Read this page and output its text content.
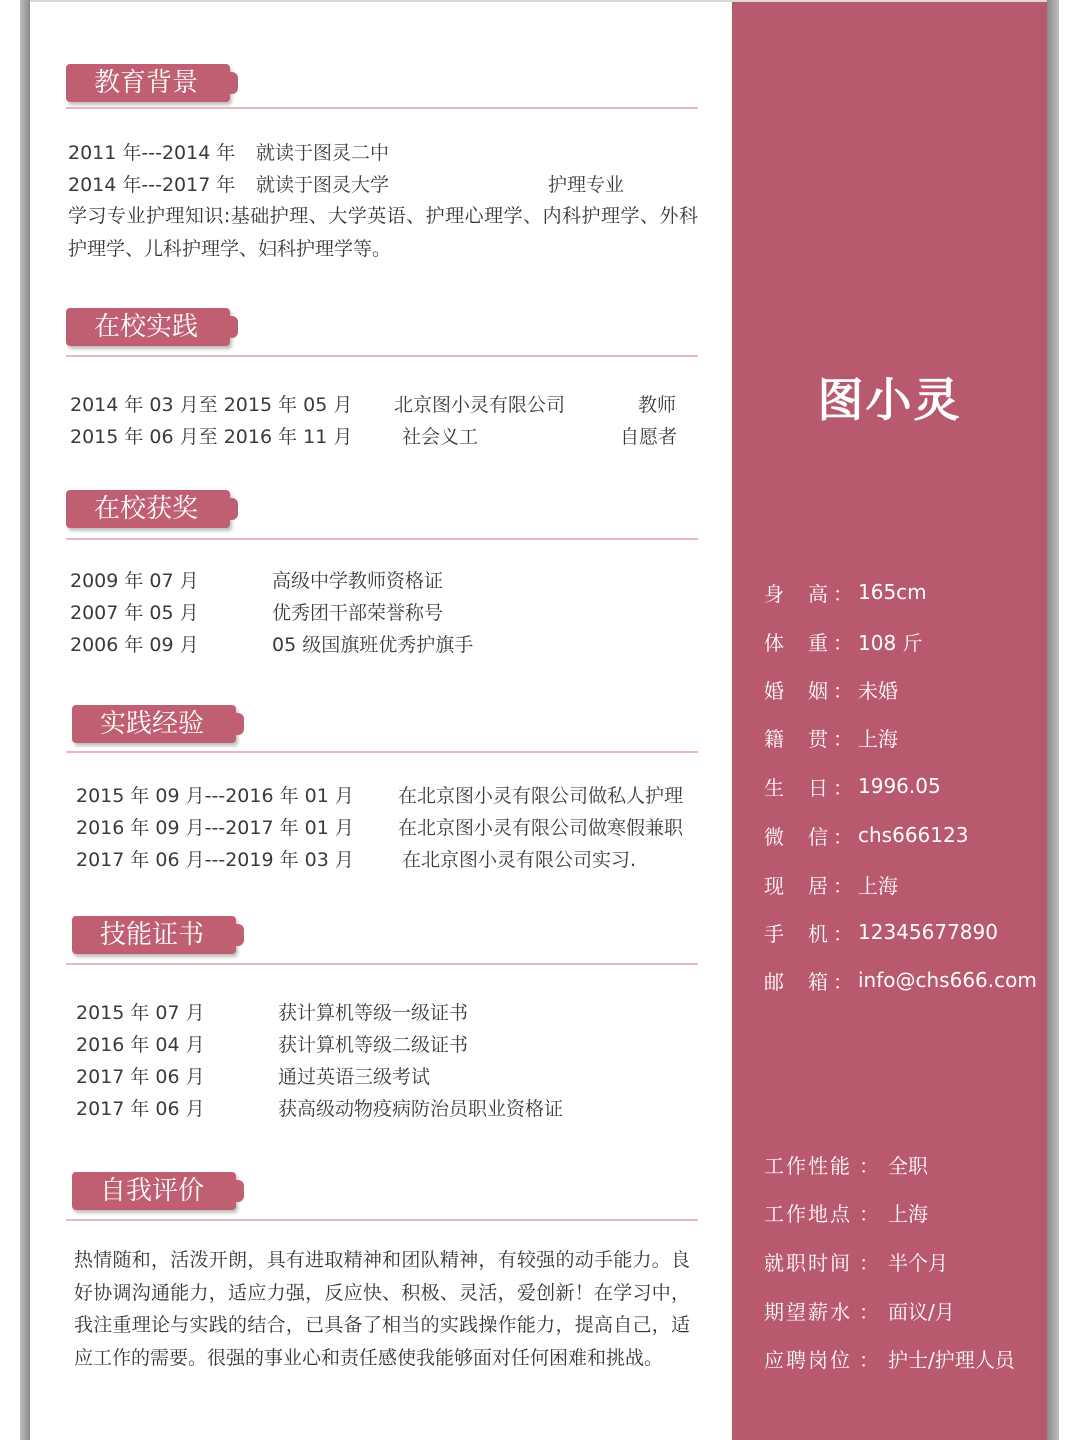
教育背景
2011 年---2014 年 就读于图灵二中
2014 年---2017 年 就读于图灵大学	护理专业
学习专业护理知识:基础护理、大学英语、护理心理学、内科护理学、外科护理学、儿科护理学、妇科护理学等。
在校实践
2014 年 03 月至 2015 年 05 月 北京图小灵有限公司	教师
2015 年 06 月至 2016 年 11 月	社会义工	自愿者
在校获奖
2009 年 07 月	高级中学教师资格证
2007 年 05 月	优秀团干部荣誉称号
2006 年 09 月	05 级国旗班优秀护旗手
实践经验
2015 年 09 月---2016 年 01 月 在北京图小灵有限公司做私人护理
2016 年 09 月---2017 年 01 月 在北京图小灵有限公司做寒假兼职
2017 年 06 月---2019 年 03 月	在北京图小灵有限公司实习.
技能证书
2015 年 07 月	获计算机等级一级证书
2016 年 04 月	获计算机等级二级证书
2017 年 06 月	通过英语三级考试
2017 年 06 月	获高级动物疫病防治员职业资格证
自我评价
热情随和，活泼开朗，具有进取精神和团队精神，有较强的动手能力。良好协调沟通能力，适应力强，反应快、积极、灵活，爱创新！在学习中，我注重理论与实践的结合，已具备了相当的实践操作能力，提高自己，适应工作的需要。很强的事业心和责任感使我能够面对任何困难和挑战。
图小灵
身高 ： 165cm
体重 ： 108 斤
婚姻 ： 未婚
籍贯 ： 上海
生日 ： 1996.05
微信 ： chs666123
现居 ： 上海
手机 ： 12345677890
邮箱 ： info@chs666.com
工作性能 ： 全职
工作地点 ： 上海
就职时间 ： 半个月
期望薪水 ： 面议/月
应聘岗位 ： 护士/护理人员
